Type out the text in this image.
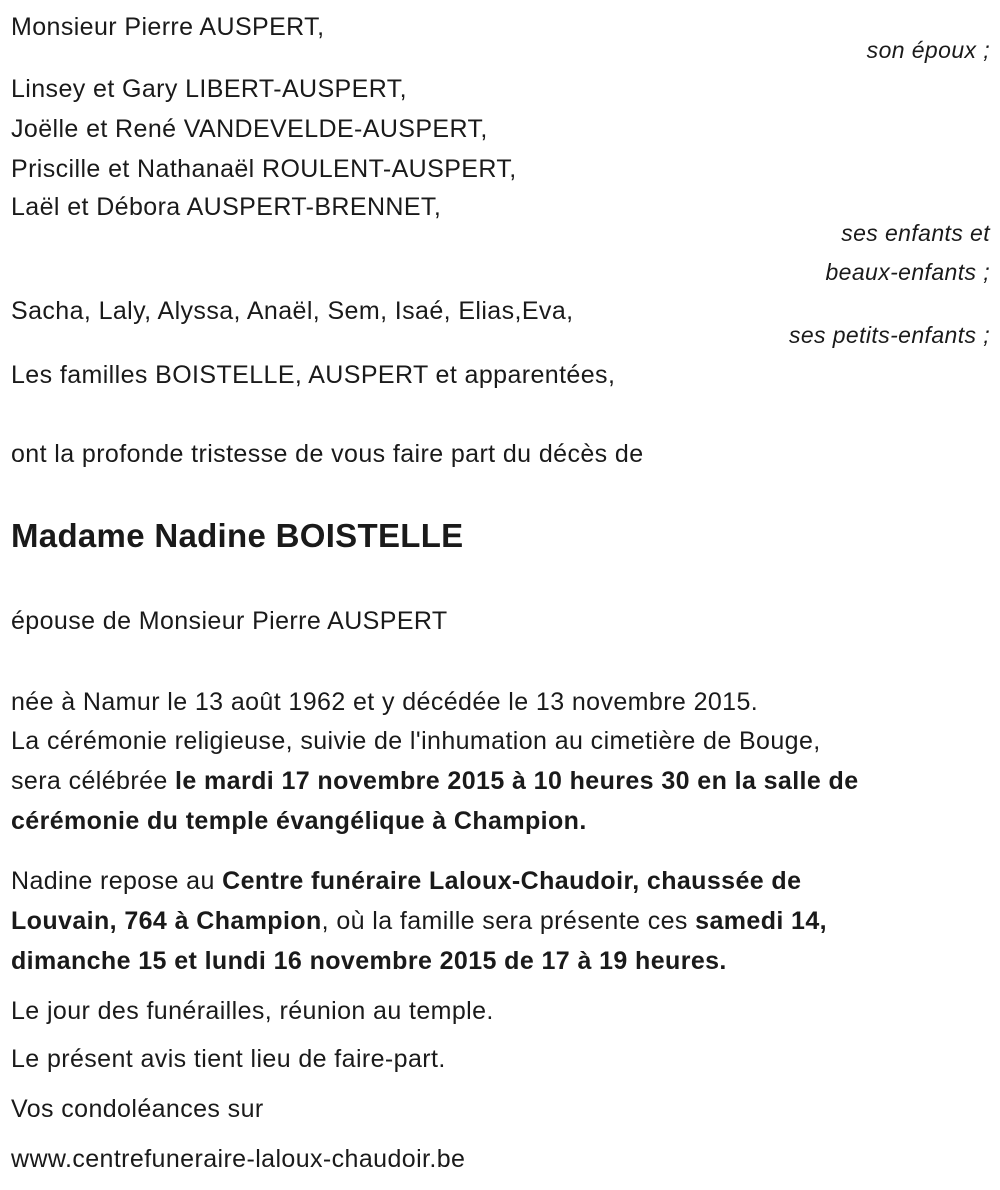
Monsieur Pierre AUSPERT,
son époux ;
Linsey et Gary LIBERT-AUSPERT,
Joëlle et René VANDEVELDE-AUSPERT,
Priscille et Nathanaël ROULENT-AUSPERT,
Laël et Débora AUSPERT-BRENNET,
ses enfants et
beaux-enfants ;
Sacha, Laly, Alyssa, Anaël, Sem, Isaé, Elias,Eva,
ses petits-enfants ;
Les familles BOISTELLE, AUSPERT et apparentées,
ont la profonde tristesse de vous faire part du décès de
Madame Nadine BOISTELLE
épouse de Monsieur Pierre AUSPERT
née à Namur le 13 août 1962 et y décédée le 13 novembre 2015.
La cérémonie religieuse, suivie de l'inhumation au cimetière de Bouge,
sera célébrée le mardi 17 novembre 2015 à 10 heures 30 en la salle de
cérémonie du temple évangélique à Champion.
Nadine repose au Centre funéraire Laloux-Chaudoir, chaussée de
Louvain, 764 à Champion, où la famille sera présente ces samedi 14,
dimanche 15 et lundi 16 novembre 2015 de 17 à 19 heures.
Le jour des funérailles, réunion au temple.
Le présent avis tient lieu de faire-part.
Vos condoléances sur
www.centrefuneraire-laloux-chaudoir.be
